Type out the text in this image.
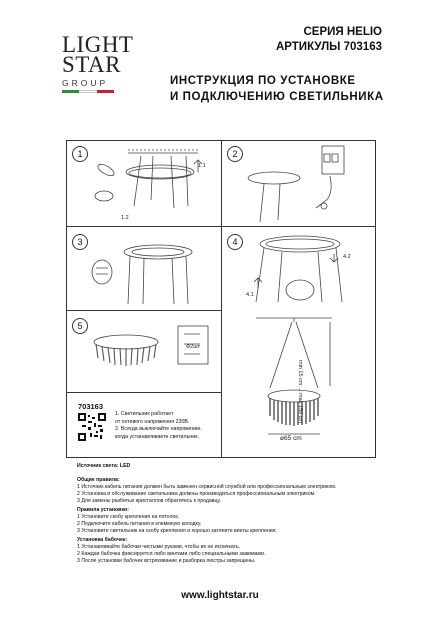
LIGHT
STAR
GROUP
СЕРИЯ HELIO
АРТИКУЛЫ 703163
ИНСТРУКЦИЯ ПО УСТАНОВКЕ
И ПОДКЛЮЧЕНИЮ СВЕТИЛЬНИКА
1	2
3	4
5
1.1
1.2
4.2
4.1
Ф2шт
min 15 cm ... max 150 cm
ø65 cm
703163
1. Светильник работает
от сетевого напряжения 230В.
2. Всегда выключайте напряжение,
когда устанавливаете светильник.
Источник света: LED
Общие правила:
1 Источник кабель питания должен быть заменен сервисной службой или профессиональным электриком.
2 Установка и обслуживание светильника должны производиться профессиональным электриком.
3 Для замены разбитых кристаллов обратитесь к продавцу.
Правила установки:
1 Установите скобу крепления на потолок.
2 Подключите кабель питания в клеммную колодку.
3 Установите светильник на скобу крепления и хорошо затяните винты крепления.
Установка бабочек:
1 Устанавливайте бабочки чистыми руками, чтобы их не испачкать.
2 Каждая бабочка фиксируется либо винтами либо специальными зажимами.
3 После установки бабочек встряхивание и разборка люстры запрещены.
www.lightstar.ru
